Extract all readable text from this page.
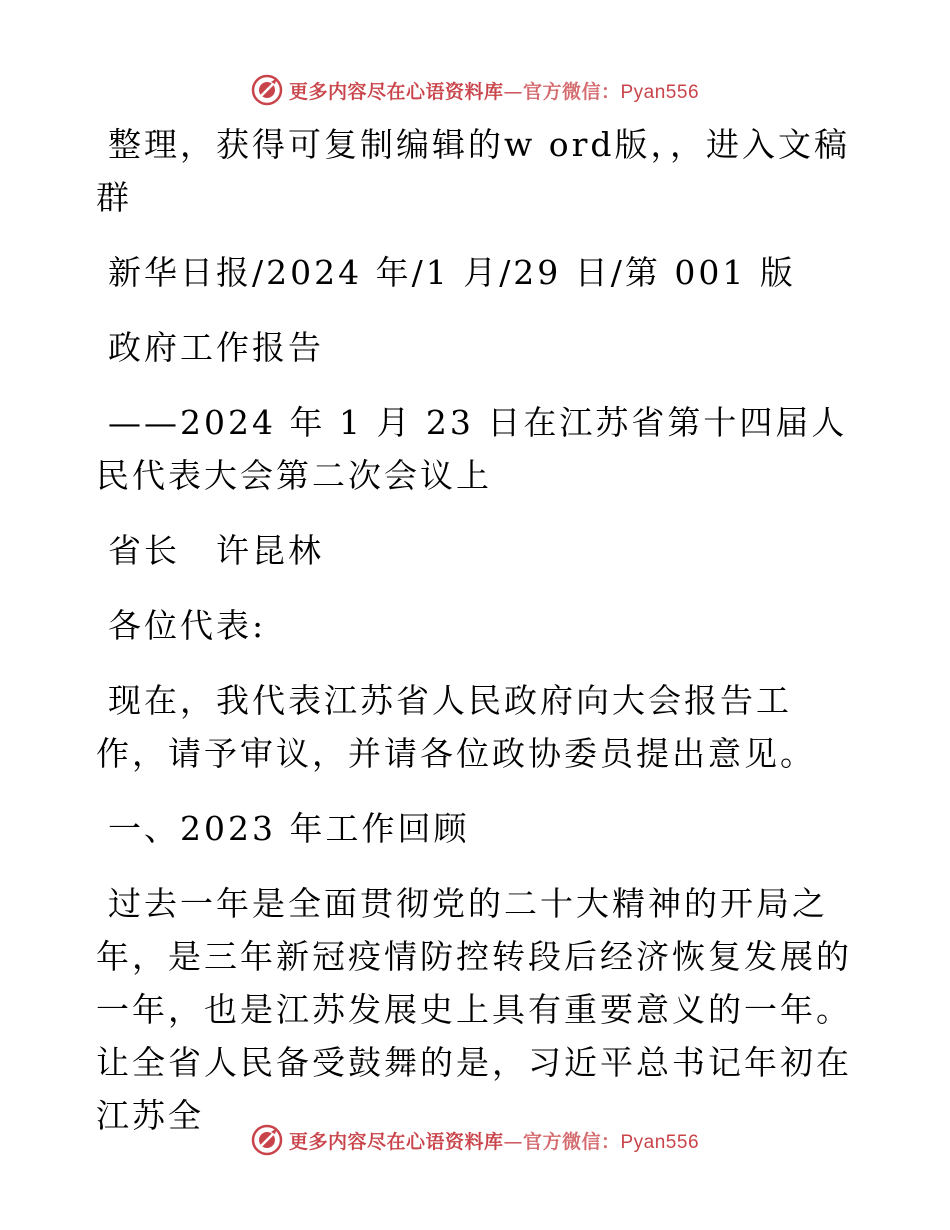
更多内容尽在心语资料库—官方微信：Pyan556

整理，获得可复制编辑的w ord版，，进入文稿群

新华日报/2024 年/1 月/29 日/第 001 版

政府工作报告

——2024 年 1 月 23 日在江苏省第十四届人民代表大会第二次会议上

省长　许昆林

各位代表:

现在，我代表江苏省人民政府向大会报告工作，请予审议，并请各位政协委员提出意见。

一、2023 年工作回顾

过去一年是全面贯彻党的二十大精神的开局之年，是三年新冠疫情防控转段后经济恢复发展的一年，也是江苏发展史上具有重要意义的一年。让全省人民备受鼓舞的是，习近平总书记年初在江苏全

更多内容尽在心语资料库—官方微信：Pyan556
